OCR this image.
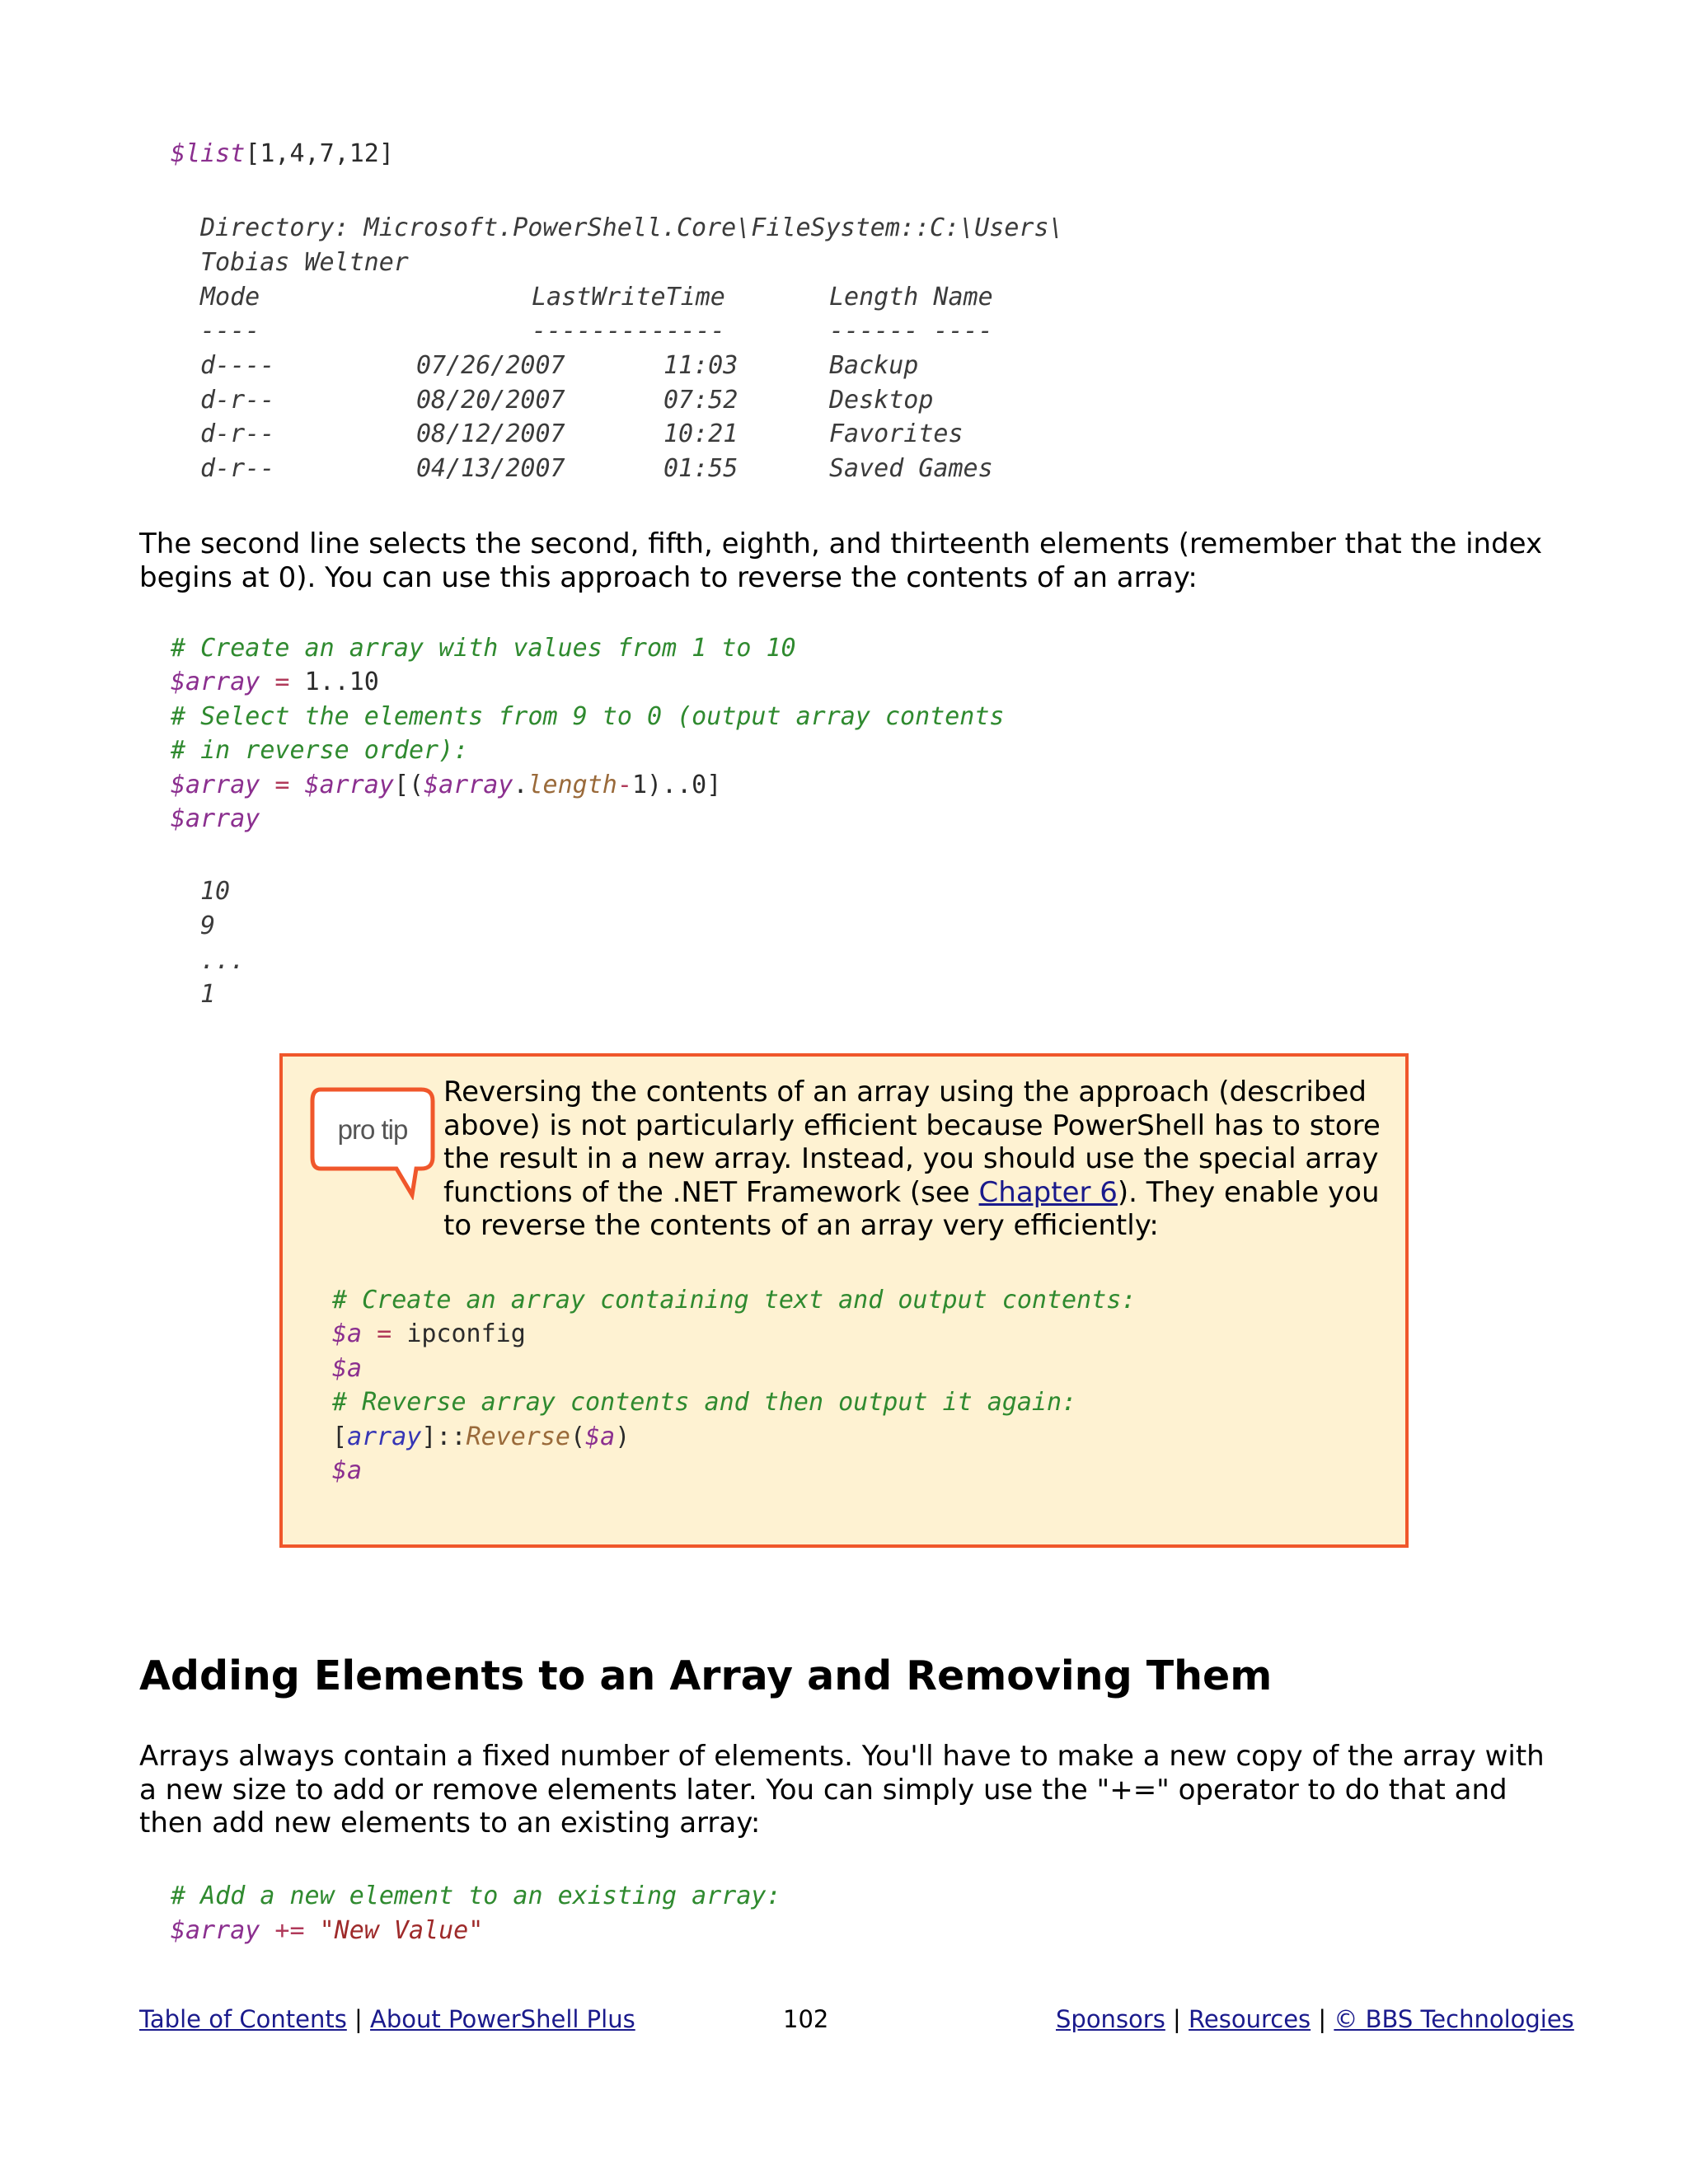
$list[1,4,7,12]
Directory: Microsoft.PowerShell.Core\FileSystem::C:\Users\
Tobias Weltner
Mode	LastWriteTime	Length Name
----	-------------	------ ----
d----	07/26/2007	11:03	Backup
d-r--	08/20/2007	07:52	Desktop
d-r--	08/12/2007	10:21	Favorites
d-r--	04/13/2007	01:55	Saved Games
The second line selects the second, fifth, eighth, and thirteenth elements (remember that the index begins at 0). You can use this approach to reverse the contents of an array:
# Create an array with values from 1 to 10
$array = 1..10
# Select the elements from 9 to 0 (output array contents
# in reverse order):
$array = $array[($array.length-1)..0]
$array
10
9
...
1
pro tip
Reversing the contents of an array using the approach (described above) is not particularly efficient because PowerShell has to store the result in a new array. Instead, you should use the special array functions of the .NET Framework (see Chapter 6). They enable you to reverse the contents of an array very efficiently:
# Create an array containing text and output contents:
$a = ipconfig
$a
# Reverse array contents and then output it again:
[array]::Reverse($a)
$a
Adding Elements to an Array and Removing Them
Arrays always contain a fixed number of elements. You'll have to make a new copy of the array with a new size to add or remove elements later. You can simply use the "+=" operator to do that and then add new elements to an existing array:
# Add a new element to an existing array:
$array += "New Value"
Table of Contents | About PowerShell Plus	102	Sponsors | Resources | © BBS Technologies
